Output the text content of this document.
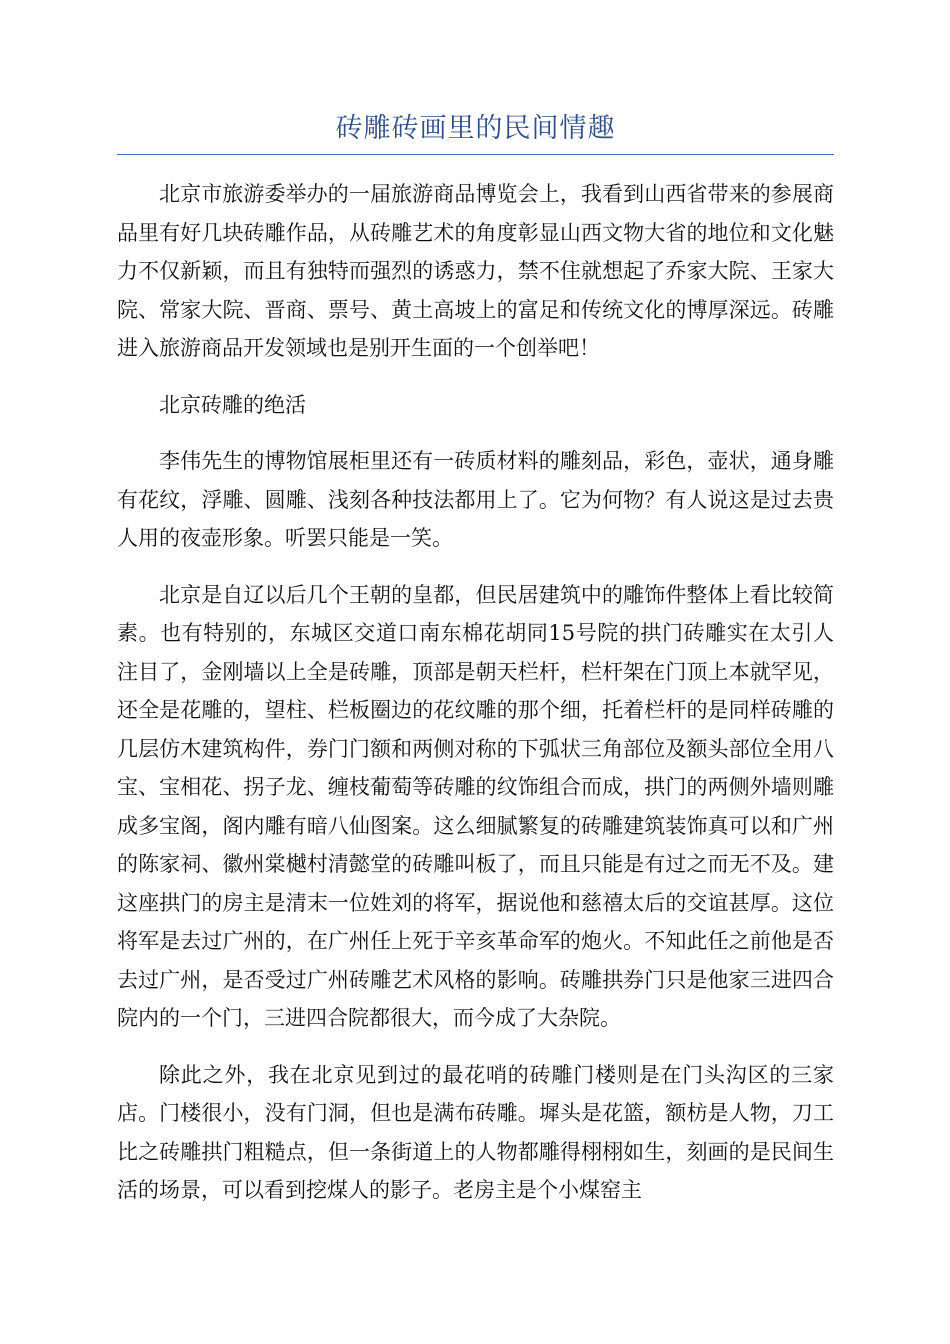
砖雕砖画里的民间情趣

北京市旅游委举办的一届旅游商品博览会上，我看到山西省带来的参展商品里有好几块砖雕作品，从砖雕艺术的角度彰显山西文物大省的地位和文化魅力不仅新颖，而且有独特而强烈的诱惑力，禁不住就想起了乔家大院、王家大院、常家大院、晋商、票号、黄土高坡上的富足和传统文化的博厚深远。砖雕进入旅游商品开发领域也是别开生面的一个创举吧！

北京砖雕的绝活

李伟先生的博物馆展柜里还有一砖质材料的雕刻品，彩色，壶状，通身雕有花纹，浮雕、圆雕、浅刻各种技法都用上了。它为何物？有人说这是过去贵人用的夜壶形象。听罢只能是一笑。

北京是自辽以后几个王朝的皇都，但民居建筑中的雕饰件整体上看比较简素。也有特别的，东城区交道口南东棉花胡同15号院的拱门砖雕实在太引人注目了，金刚墙以上全是砖雕，顶部是朝天栏杆，栏杆架在门顶上本就罕见，还全是花雕的，望柱、栏板圈边的花纹雕的那个细，托着栏杆的是同样砖雕的几层仿木建筑构件，券门门额和两侧对称的下弧状三角部位及额头部位全用八宝、宝相花、拐子龙、缠枝葡萄等砖雕的纹饰组合而成，拱门的两侧外墙则雕成多宝阁，阁内雕有暗八仙图案。这么细腻繁复的砖雕建筑装饰真可以和广州的陈家祠、徽州棠樾村清懿堂的砖雕叫板了，而且只能是有过之而无不及。建这座拱门的房主是清末一位姓刘的将军，据说他和慈禧太后的交谊甚厚。这位将军是去过广州的，在广州任上死于辛亥革命军的炮火。不知此任之前他是否去过广州，是否受过广州砖雕艺术风格的影响。砖雕拱券门只是他家三进四合院内的一个门，三进四合院都很大，而今成了大杂院。

除此之外，我在北京见到过的最花哨的砖雕门楼则是在门头沟区的三家店。门楼很小，没有门洞，但也是满布砖雕。墀头是花篮，额枋是人物，刀工比之砖雕拱门粗糙点，但一条街道上的人物都雕得栩栩如生，刻画的是民间生活的场景，可以看到挖煤人的影子。老房主是个小煤窑主
